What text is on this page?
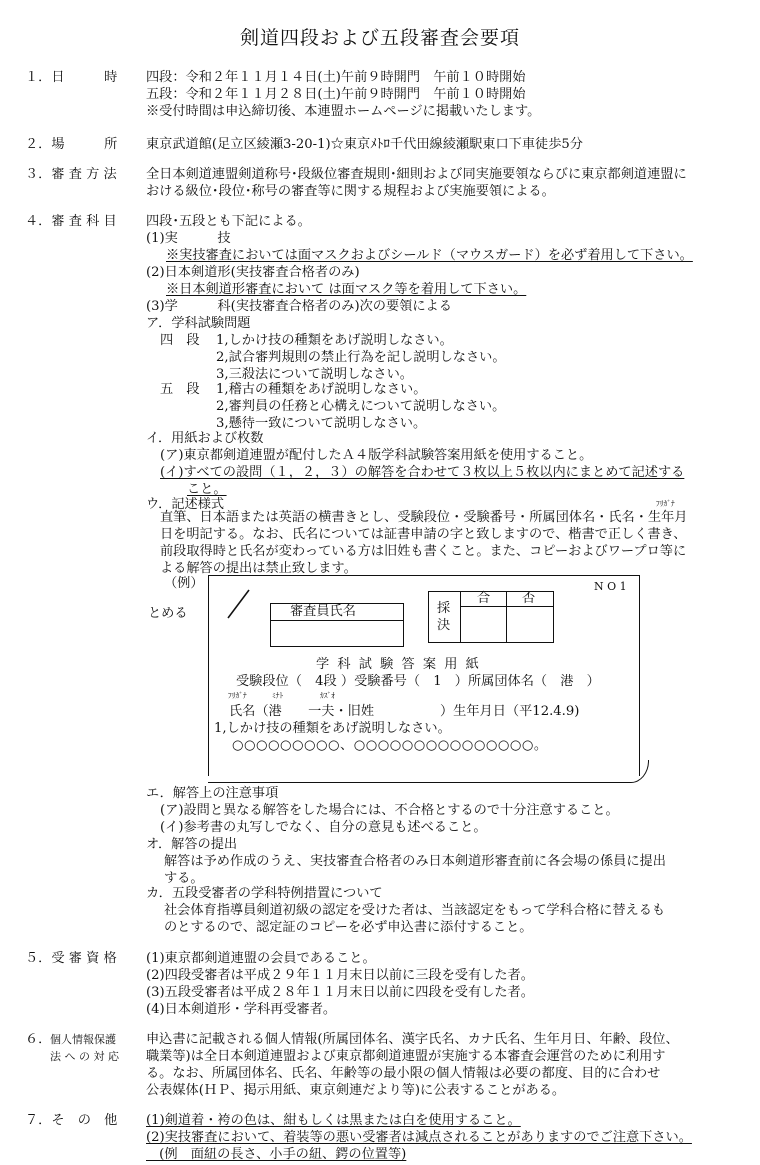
剣道四段および五段審査会要項
１．日　　　時 四段：令和２年１１月１４日(土)午前９時開門　午前１０時開始
五段：令和２年１１月２８日(土)午前９時開門　午前１０時開始
※受付時間は申込締切後、本連盟ホームページに掲載いたします。
２．場　　　所 東京武道館(足立区綾瀬3-20-1)☆東京ﾒﾄﾛ千代田線綾瀬駅東口下車徒歩5分
３．審 査 方 法 全日本剣道連盟剣道称号･段級位審査規則･細則および同実施要領ならびに東京都剣道連盟に
おける級位･段位･称号の審査等に関する規程および実施要領による。
４．審 査 科 目 四段･五段とも下記による。
(1)実　　　技
※実技審査においては面マスクおよびシールド（マウスガード）を必ず着用して下さい。
(2)日本剣道形(実技審査合格者のみ)
※日本剣道形審査において は面マスク等を着用して下さい。
(3)学　　　科(実技審査合格者のみ)次の要領による
ア．学科試験問題
四　段 1,しかけ技の種類をあげ説明しなさい。
2,試合審判規則の禁止行為を記し説明しなさい。
3,三殺法について説明しなさい。
五　段 1,稽古の種類をあげ説明しなさい。
2,審判員の任務と心構えについて説明しなさい。
3,懸待一致について説明しなさい。
イ．用紙および枚数
(ア)東京都剣道連盟が配付したＡ４版学科試験答案用紙を使用すること。
(イ)すべての設問（１，２，３）の解答を合わせて３枚以上５枚以内にまとめて記述する
こと。
ウ．記述様式	ﾌﾘｶﾞﾅ
直筆、日本語または英語の横書きとし、受験段位・受験番号・所属団体名・氏名・生年月
日を明記する。なお、氏名については証書申請の字と致しますので、楷書で正しく書き、
前段取得時と氏名が変わっている方は旧姓も書くこと。また、コピーおよびワープロ等に
よる解答の提出は禁止致します。
（例）
とめる
N O 1
審査員氏名	採
決
合 否
学 科 試 験 答 案 用 紙
受験段位（　4段 ）受験番号（　1　）所属団体名（　港　）
ﾌﾘｶﾞﾅ	ﾐﾅﾄ	ｶｽﾞｵ
氏名（港　　一夫・旧姓　　　　　）生年月日（平12.4.9)
1,しかけ技の種類をあげ説明しなさい。
○○○○○○○○○、○○○○○○○○○○○○○○○。
エ．解答上の注意事項
(ア)設問と異なる解答をした場合には、不合格とするので十分注意すること。
(イ)参考書の丸写しでなく、自分の意見も述べること。
オ．解答の提出
解答は予め作成のうえ、実技審査合格者のみ日本剣道形審査前に各会場の係員に提出
する。
カ．五段受審者の学科特例措置について
社会体育指導員剣道初級の認定を受けた者は、当該認定をもって学科合格に替えるも
のとするので、認定証のコピーを必ず申込書に添付すること。
５．受 審 資 格 (1)東京都剣道連盟の会員であること。
(2)四段受審者は平成２９年１１月末日以前に三段を受有した者。
(3)五段受審者は平成２８年１１月末日以前に四段を受有した者。
(4)日本剣道形・学科再受審者。
６．
個人情報保護
法 へ の 対 応
申込書に記載される個人情報(所属団体名、漢字氏名、カナ氏名、生年月日、年齢、段位、
職業等)は全日本剣道連盟および東京都剣道連盟が実施する本審査会運営のために利用す
る。なお、所属団体名、氏名、年齢等の最小限の個人情報は必要の都度、目的に合わせ
公表媒体(ＨＰ、掲示用紙、東京剣連だより等)に公表することがある。
７．そ　の　他 (1)剣道着・袴の色は、紺もしくは黒または白を使用すること。
(2)実技審査において、着装等の悪い受審者は減点されることがありますのでご注意下さい。
　(例　面紐の長さ、小手の紐、鍔の位置等)
